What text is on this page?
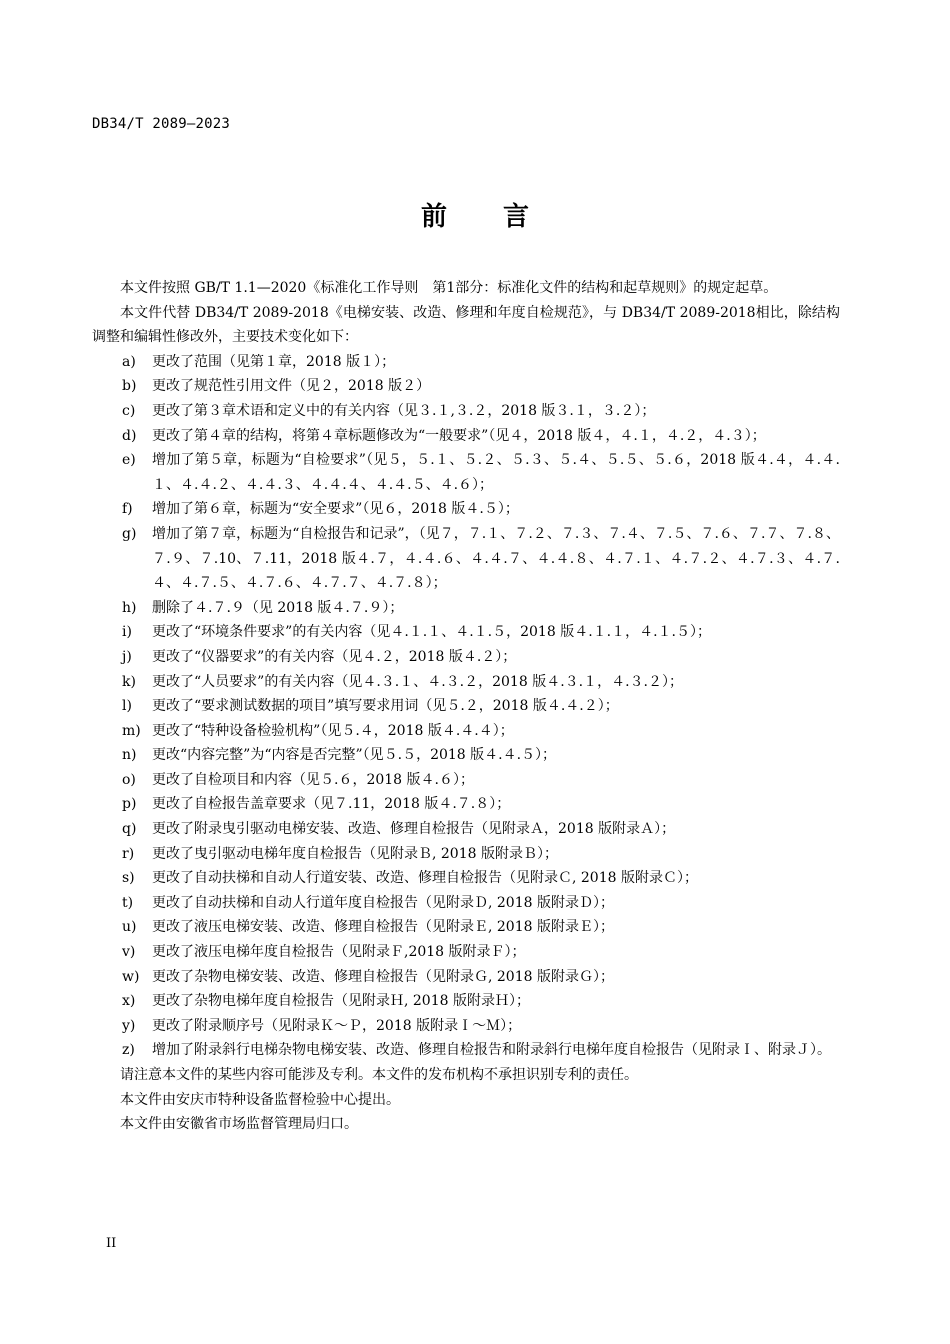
DB34/T 2089—2023
前言

本文件按照 GB/T 1.1—2020《标准化工作导则　第1部分：标准化文件的结构和起草规则》的规定起草。

本文件代替 DB34/T 2089-2018《电梯安装、改造、修理和年度自检规范》，与 DB34/T 2089-2018相比，除结构调整和编辑性修改外，主要技术变化如下：

a)	更改了范围（见第１章，2018 版１）；
b)	更改了规范性引用文件（见２，2018 版２）
c)	更改了第３章术语和定义中的有关内容（见３.１,３.２，2018 版３.１，３.２）；
d)	更改了第４章的结构，将第４章标题修改为“一般要求”（见４，2018 版４，４.１，４.２，４.３）；
e)	增加了第５章，标题为“自检要求”（见５，５.１、５.２、５.３、５.４、５.５、５.６，2018 版４.４，４.４.１、４.４.２、４.４.３、４.４.４、４.４.５、４.６）；
f)	增加了第６章，标题为“安全要求”（见６，2018 版４.５）；
g)	增加了第７章，标题为“自检报告和记录”，（见７，７.１、７.２、７.３、７.４、７.５、７.６、７.７、７.８、７.９、７.10、７.11，2018 版４.７，４.４.６、４.４.７、４.４.８、４.７.１、４.７.２、４.７.３、４.７.４、４.７.５、４.７.６、４.７.７、４.７.８）；
h)	删除了４.７.９（见 2018 版４.７.９）；
i)	更改了“环境条件要求”的有关内容（见４.１.１、４.１.５，2018 版４.１.１，４.１.５）；
j)	更改了“仪器要求”的有关内容（见４.２，2018 版４.２）；
k)	更改了“人员要求”的有关内容（见４.３.１、４.３.２，2018 版４.３.１，４.３.２）；
l)	更改了“要求测试数据的项目”填写要求用词（见５.２，2018 版４.４.２）；
m) 更改了“特种设备检验机构”（见５.４，2018 版４.４.４）；
n)	更改“内容完整”为“内容是否完整”（见５.５，2018 版４.４.５）；
o)	更改了自检项目和内容（见５.６，2018 版４.６）；
p)	更改了自检报告盖章要求（见７.11，2018 版４.７.８）；
q)	更改了附录曳引驱动电梯安装、改造、修理自检报告（见附录Ａ，2018 版附录Ａ）；
r)	更改了曳引驱动电梯年度自检报告（见附录Ｂ, 2018 版附录Ｂ）；
s)	更改了自动扶梯和自动人行道安装、改造、修理自检报告（见附录Ｃ, 2018 版附录Ｃ）；
t)	更改了自动扶梯和自动人行道年度自检报告（见附录Ｄ, 2018 版附录Ｄ）；
u)	更改了液压电梯安装、改造、修理自检报告（见附录Ｅ, 2018 版附录Ｅ）；
v)	更改了液压电梯年度自检报告（见附录Ｆ,2018 版附录Ｆ）；
w) 更改了杂物电梯安装、改造、修理自检报告（见附录Ｇ, 2018 版附录Ｇ）；
x)	更改了杂物电梯年度自检报告（见附录Ｈ, 2018 版附录Ｈ）；
y)	更改了附录顺序号（见附录Ｋ～Ｐ，2018 版附录Ｉ～Ｍ）；
z)	增加了附录斜行电梯杂物电梯安装、改造、修理自检报告和附录斜行电梯年度自检报告（见附录Ｉ、附录Ｊ）。

请注意本文件的某些内容可能涉及专利。本文件的发布机构不承担识别专利的责任。

本文件由安庆市特种设备监督检验中心提出。

本文件由安徽省市场监督管理局归口。

II
